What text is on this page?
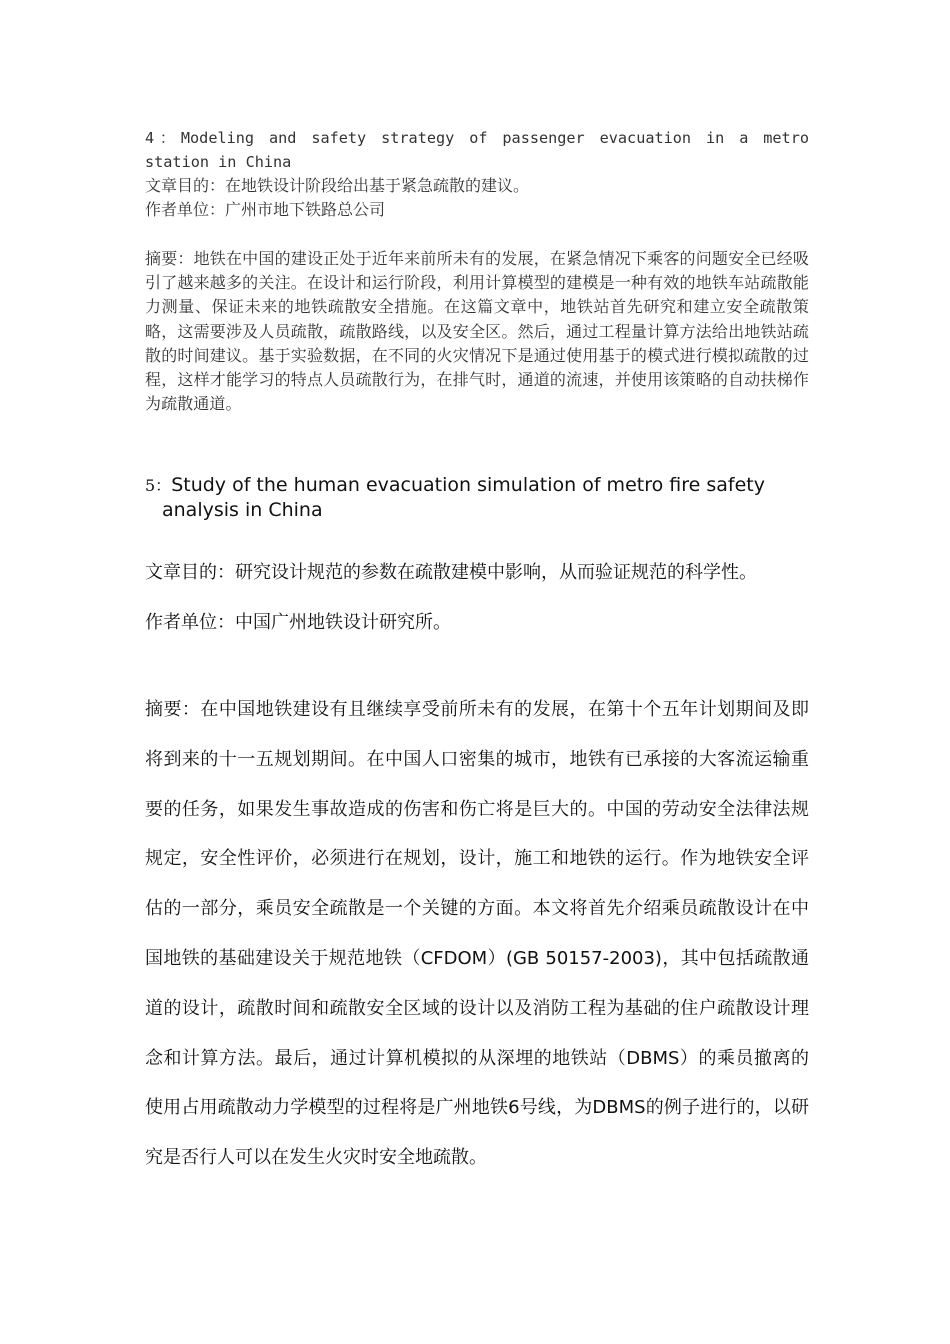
4：Modeling and safety strategy of passenger evacuation in a metro station in China

文章目的：在地铁设计阶段给出基于紧急疏散的建议。

作者单位：广州市地下铁路总公司

摘要：地铁在中国的建设正处于近年来前所未有的发展，在紧急情况下乘客的问题安全已经吸引了越来越多的关注。在设计和运行阶段，利用计算模型的建模是一种有效的地铁车站疏散能力测量、保证未来的地铁疏散安全措施。在这篇文章中，地铁站首先研究和建立安全疏散策略，这需要涉及人员疏散，疏散路线，以及安全区。然后，通过工程量计算方法给出地铁站疏散的时间建议。基于实验数据，在不同的火灾情况下是通过使用基于的模式进行模拟疏散的过程，这样才能学习的特点人员疏散行为，在排气时，通道的流速，并使用该策略的自动扶梯作为疏散通道。

5：Study of the human evacuation simulation of metro fire safety analysis in China

文章目的：研究设计规范的参数在疏散建模中影响，从而验证规范的科学性。

作者单位：中国广州地铁设计研究所。

摘要：在中国地铁建设有且继续享受前所未有的发展，在第十个五年计划期间及即将到来的十一五规划期间。在中国人口密集的城市，地铁有已承接的大客流运输重要的任务，如果发生事故造成的伤害和伤亡将是巨大的。中国的劳动安全法律法规规定，安全性评价，必须进行在规划，设计，施工和地铁的运行。作为地铁安全评估的一部分，乘员安全疏散是一个关键的方面。本文将首先介绍乘员疏散设计在中国地铁的基础建设关于规范地铁（CFDOM）(GB 50157-2003)，其中包括疏散通道的设计，疏散时间和疏散安全区域的设计以及消防工程为基础的住户疏散设计理念和计算方法。最后，通过计算机模拟的从深埋的地铁站（DBMS）的乘员撤离的使用占用疏散动力学模型的过程将是广州地铁6号线，为DBMS的例子进行的，以研究是否行人可以在发生火灾时安全地疏散。
